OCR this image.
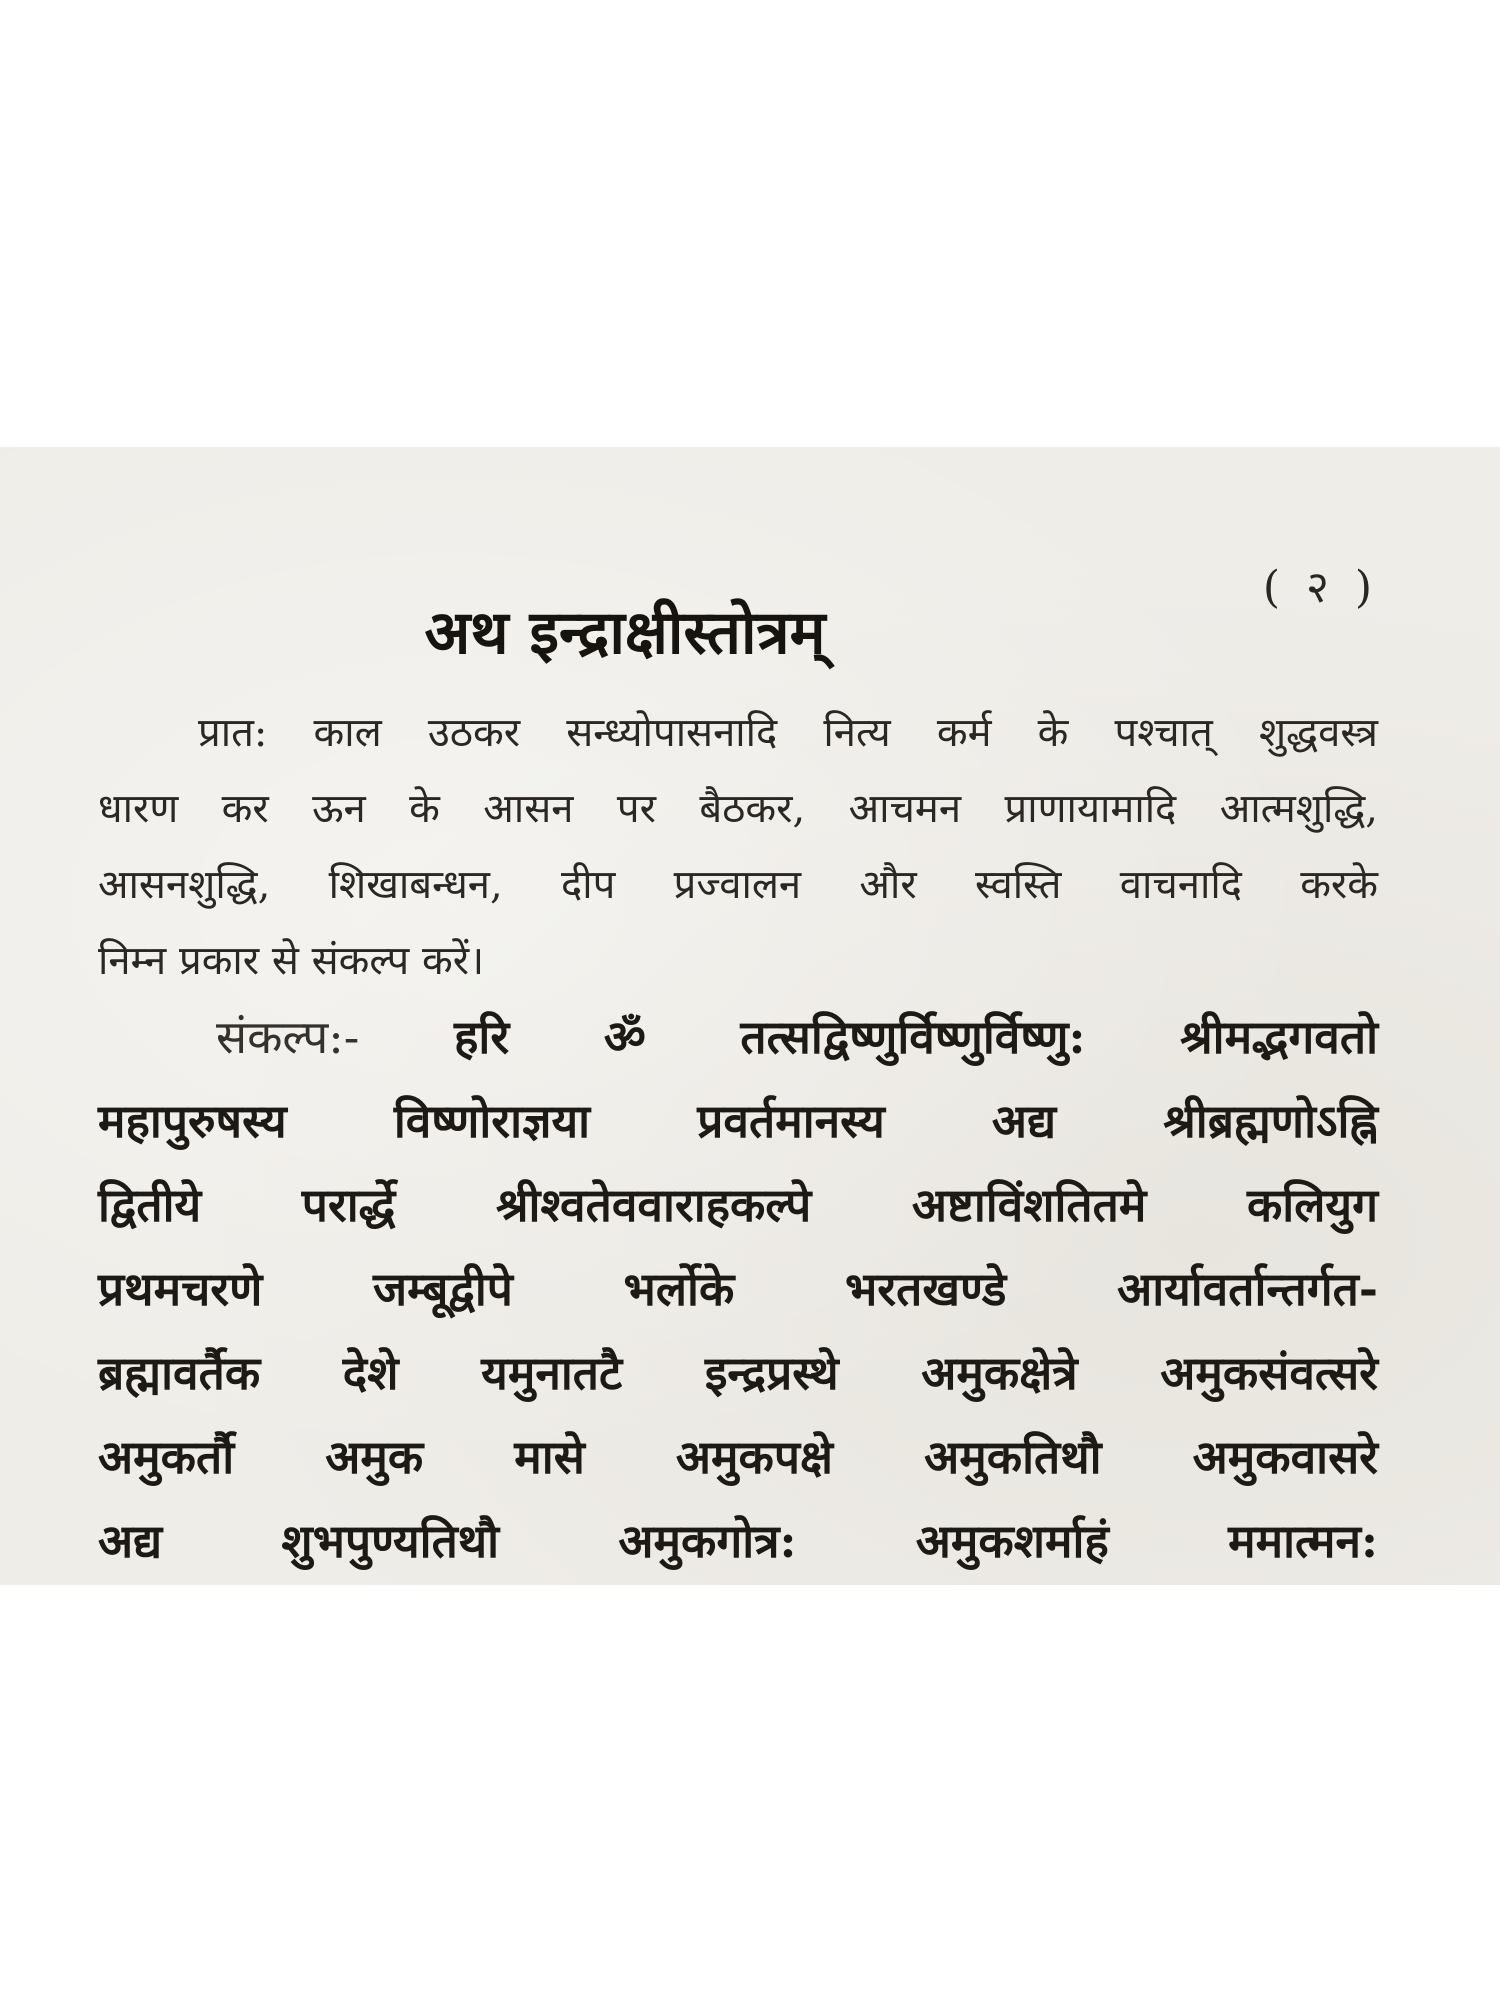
( २ )
अथ इन्द्राक्षीस्तोत्रम्
प्रात: काल उठकर सन्ध्योपासनादि नित्य कर्म के पश्चात् शुद्धवस्त्र
धारण कर ऊन के आसन पर बैठकर, आचमन प्राणायामादि आत्मशुद्धि,
आसनशुद्धि, शिखाबन्धन, दीप प्रज्वालन और स्वस्ति वाचनादि करके
निम्न प्रकार से संकल्प करें।
संकल्प:- हरि ॐ तत्सद्विष्णुर्विष्णुर्विष्णु: श्रीमद्भगवतो
महापुरुषस्य विष्णोराज्ञया प्रवर्तमानस्य अद्य श्रीब्रह्मणोऽह्नि
द्वितीये परार्द्धे श्रीश्वतेववाराहकल्पे अष्टाविंशतितमे कलियुग
प्रथमचरणे जम्बूद्वीपे भर्लोके भरतखण्डे आर्यावर्तान्तर्गत-
ब्रह्मावर्तैक देशे यमुनातटै इन्द्रप्रस्थे अमुकक्षेत्रे अमुकसंवत्सरे
अमुकर्तौ अमुक मासे अमुकपक्षे अमुकतिथौ अमुकवासरे
अद्य शुभपुण्यतिथौ अमुकगोत्र: अमुकशर्माहं ममात्मन:
